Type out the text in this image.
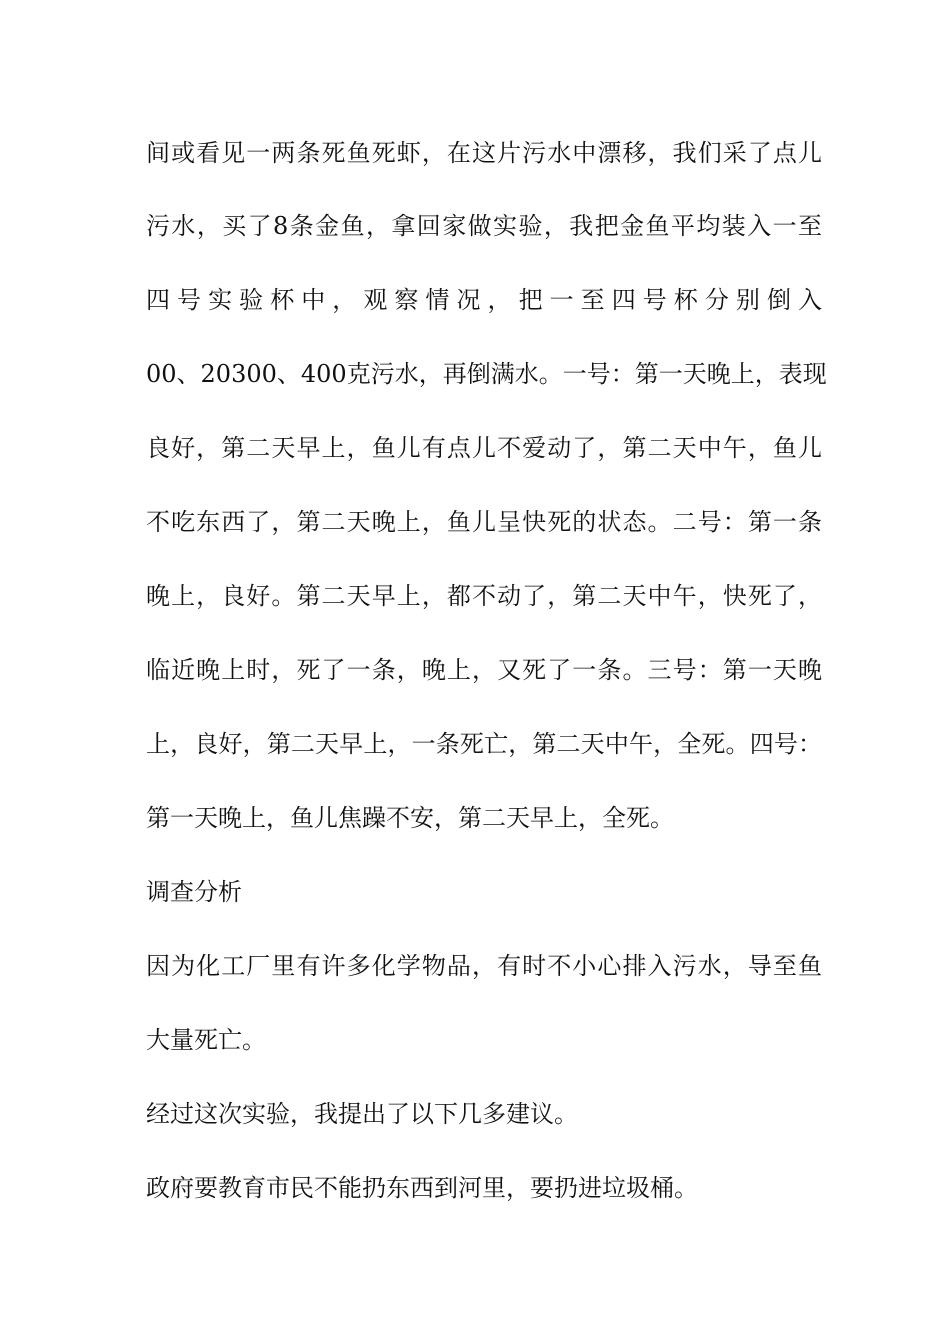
间或看见一两条死鱼死虾，在这片污水中漂移，我们采了点儿

污水，买了8条金鱼，拿回家做实验，我把金鱼平均装入一至

四号实验杯中，观察情况，把一至四号杯分别倒入

00、20300、400克污水，再倒满水。一号：第一天晚上，表现

良好，第二天早上，鱼儿有点儿不爱动了，第二天中午，鱼儿

不吃东西了，第二天晚上，鱼儿呈快死的状态。二号：第一条

晚上，良好。第二天早上，都不动了，第二天中午，快死了，

临近晚上时，死了一条，晚上，又死了一条。三号：第一天晚

上，良好，第二天早上，一条死亡，第二天中午，全死。四号：

第一天晚上，鱼儿焦躁不安，第二天早上，全死。

调查分析

因为化工厂里有许多化学物品，有时不小心排入污水，导至鱼

大量死亡。

经过这次实验，我提出了以下几多建议。

政府要教育市民不能扔东西到河里，要扔进垃圾桶。
